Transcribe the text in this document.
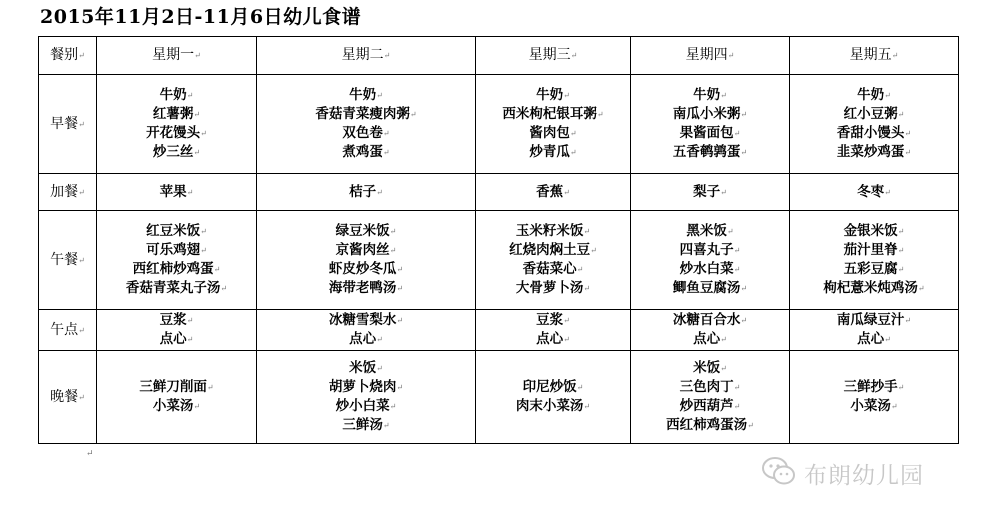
2015年11月2日-11月6日幼儿食谱
餐别 ↵	星期一 ↵	星期二 ↵	星期三 ↵	星期四 ↵	星期五 ↵
早餐 ↵	牛奶 ↵
红薯粥 ↵
开花馒头 ↵
炒三丝 ↵	牛奶 ↵
香菇青菜瘦肉粥 ↵
双色卷 ↵
煮鸡蛋 ↵	牛奶 ↵
西米枸杞银耳粥 ↵
酱肉包 ↵
炒青瓜 ↵	牛奶 ↵
南瓜小米粥 ↵
果酱面包 ↵
五香鹌鹑蛋 ↵	牛奶 ↵
红小豆粥 ↵
香甜小馒头 ↵
韭菜炒鸡蛋 ↵

加餐 ↵	苹果 ↵	桔子 ↵	香蕉 ↵	梨子 ↵	冬枣 ↵

午餐 ↵	红豆米饭 ↵
可乐鸡翅 ↵
西红柿炒鸡蛋 ↵
香菇青菜丸子汤 ↵	绿豆米饭 ↵
京酱肉丝 ↵
虾皮炒冬瓜 ↵
海带老鸭汤 ↵	玉米籽米饭 ↵
红烧肉焖土豆 ↵
香菇菜心 ↵
大骨萝卜汤 ↵	黑米饭 ↵
四喜丸子 ↵
炒水白菜 ↵
鲫鱼豆腐汤 ↵	金银米饭 ↵
茄汁里脊 ↵
五彩豆腐 ↵
枸杞薏米炖鸡汤 ↵

午点 ↵	豆浆 ↵
点心 ↵	冰糖雪梨水 ↵
点心 ↵	豆浆 ↵
点心 ↵	冰糖百合水 ↵
点心 ↵	南瓜绿豆汁 ↵
点心 ↵

晚餐 ↵	三鲜刀削面 ↵
小菜汤 ↵	米饭 ↵
胡萝卜烧肉 ↵
炒小白菜 ↵
三鲜汤 ↵	印尼炒饭 ↵
肉末小菜汤 ↵	米饭 ↵
三色肉丁 ↵
炒西葫芦 ↵
西红柿鸡蛋汤 ↵	三鲜抄手 ↵
小菜汤 ↵
↵
布朗幼儿园
